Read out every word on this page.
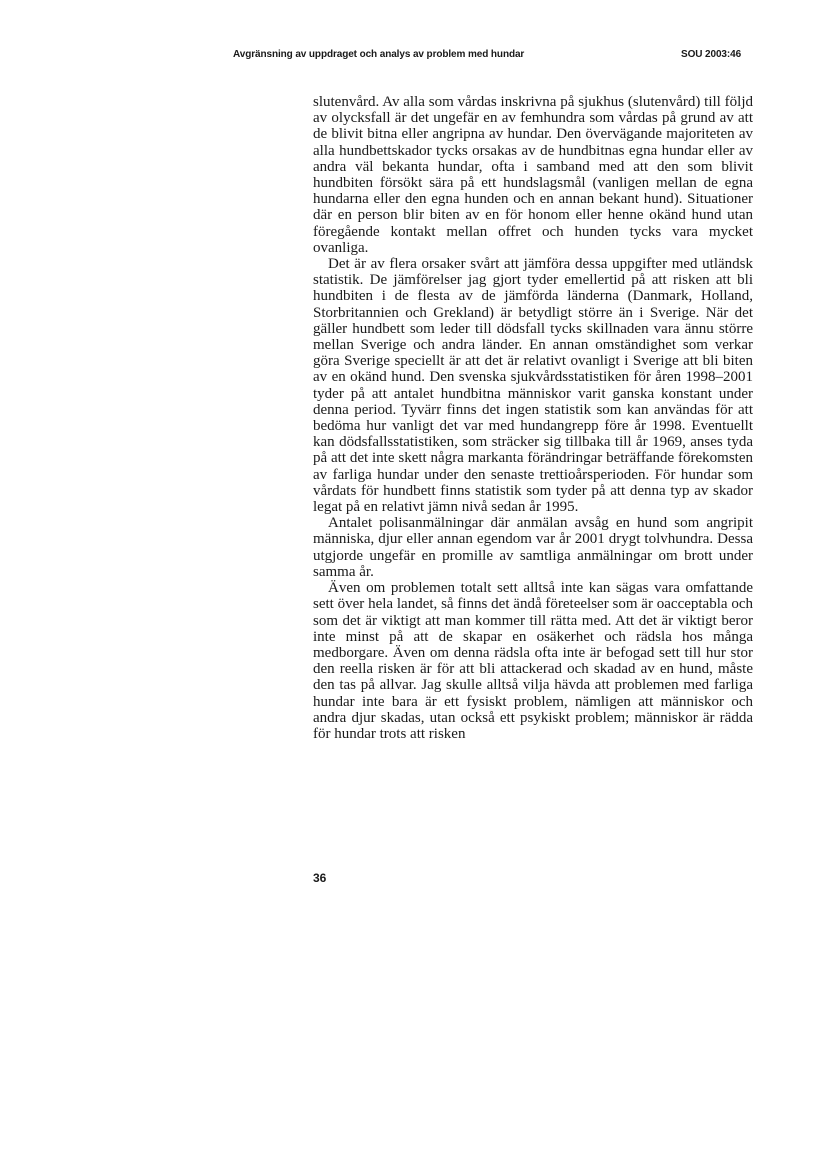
Avgränsning av uppdraget och analys av problem med hundar	SOU 2003:46

slutenvård. Av alla som vårdas inskrivna på sjukhus (slutenvård) till följd av olycksfall är det ungefär en av femhundra som vårdas på grund av att de blivit bitna eller angripna av hundar. Den övervägande majoriteten av alla hundbettskador tycks orsakas av de hundbitnas egna hundar eller av andra väl bekanta hundar, ofta i samband med att den som blivit hundbiten försökt sära på ett hundslagsmål (vanligen mellan de egna hundarna eller den egna hunden och en annan bekant hund). Situationer där en person blir biten av en för honom eller henne okänd hund utan föregående kontakt mellan offret och hunden tycks vara mycket ovanliga.

Det är av flera orsaker svårt att jämföra dessa uppgifter med utländsk statistik. De jämförelser jag gjort tyder emellertid på att risken att bli hundbiten i de flesta av de jämförda länderna (Danmark, Holland, Storbritannien och Grekland) är betydligt större än i Sverige. När det gäller hundbett som leder till dödsfall tycks skillnaden vara ännu större mellan Sverige och andra länder. En annan omständighet som verkar göra Sverige speciellt är att det är relativt ovanligt i Sverige att bli biten av en okänd hund. Den svenska sjukvårdsstatistiken för åren 1998–2001 tyder på att antalet hundbitna människor varit ganska konstant under denna period. Tyvärr finns det ingen statistik som kan användas för att bedöma hur vanligt det var med hundangrepp före år 1998. Eventuellt kan dödsfallsstatistiken, som sträcker sig tillbaka till år 1969, anses tyda på att det inte skett några markanta förändringar beträffande förekomsten av farliga hundar under den senaste trettioårsperioden. För hundar som vårdats för hundbett finns statistik som tyder på att denna typ av skador legat på en relativt jämn nivå sedan år 1995.

Antalet polisanmälningar där anmälan avsåg en hund som angripit människa, djur eller annan egendom var år 2001 drygt tolvhundra. Dessa utgjorde ungefär en promille av samtliga anmälningar om brott under samma år.

Även om problemen totalt sett alltså inte kan sägas vara omfattande sett över hela landet, så finns det ändå företeelser som är oacceptabla och som det är viktigt att man kommer till rätta med. Att det är viktigt beror inte minst på att de skapar en osäkerhet och rädsla hos många medborgare. Även om denna rädsla ofta inte är befogad sett till hur stor den reella risken är för att bli attackerad och skadad av en hund, måste den tas på allvar. Jag skulle alltså vilja hävda att problemen med farliga hundar inte bara är ett fysiskt problem, nämligen att människor och andra djur skadas, utan också ett psykiskt problem; människor är rädda för hundar trots att risken

36
